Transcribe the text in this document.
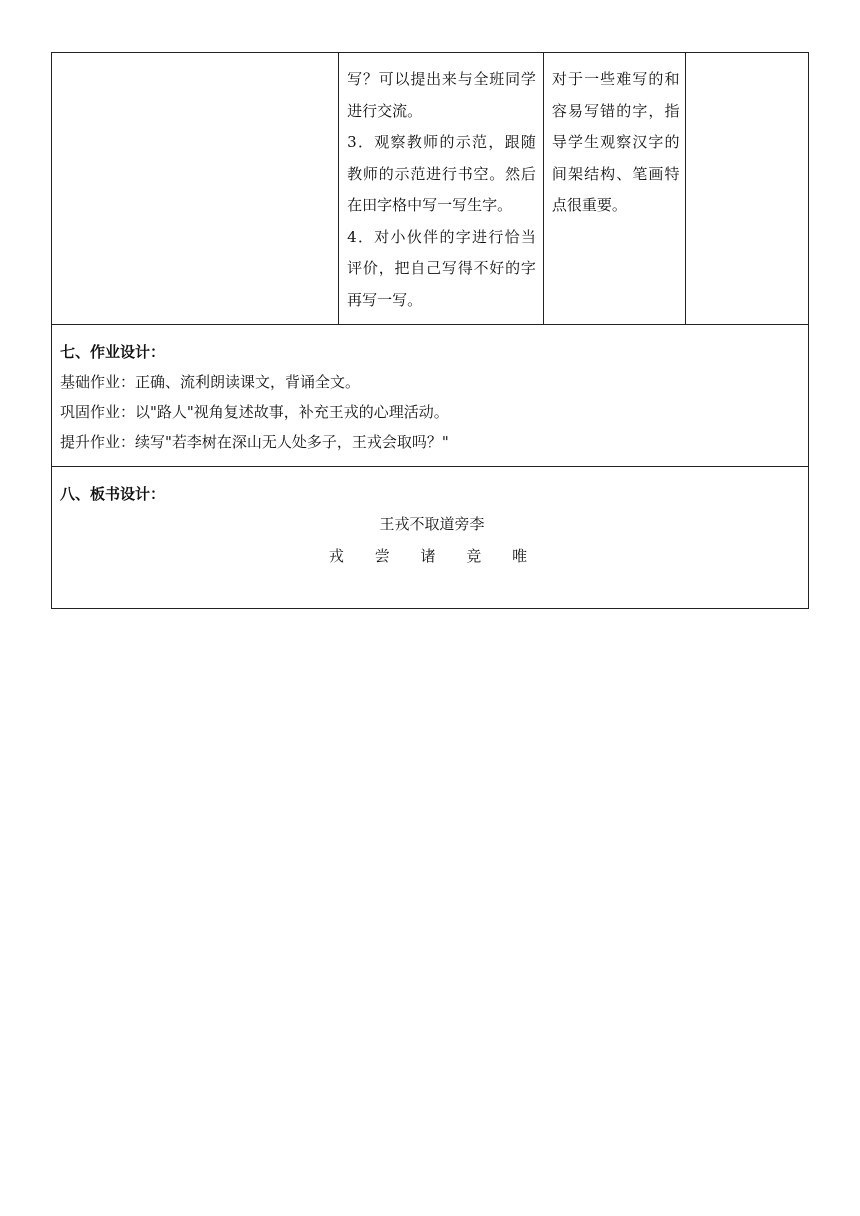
写？可以提出来与全班同学进行交流。

3．观察教师的示范，跟随教师的示范进行书空。然后在田字格中写一写生字。

4．对小伙伴的字进行恰当评价，把自己写得不好的字再写一写。

对于一些难写的和容易写错的字，指导学生观察汉字的间架结构、笔画特点很重要。

七、作业设计：
基础作业：正确、流利朗读课文，背诵全文。
巩固作业：以"路人"视角复述故事，补充王戎的心理活动。
提升作业：续写"若李树在深山无人处多子，王戎会取吗？"

八、板书设计：
王戎不取道旁李
戎 尝 诸 竞 唯
